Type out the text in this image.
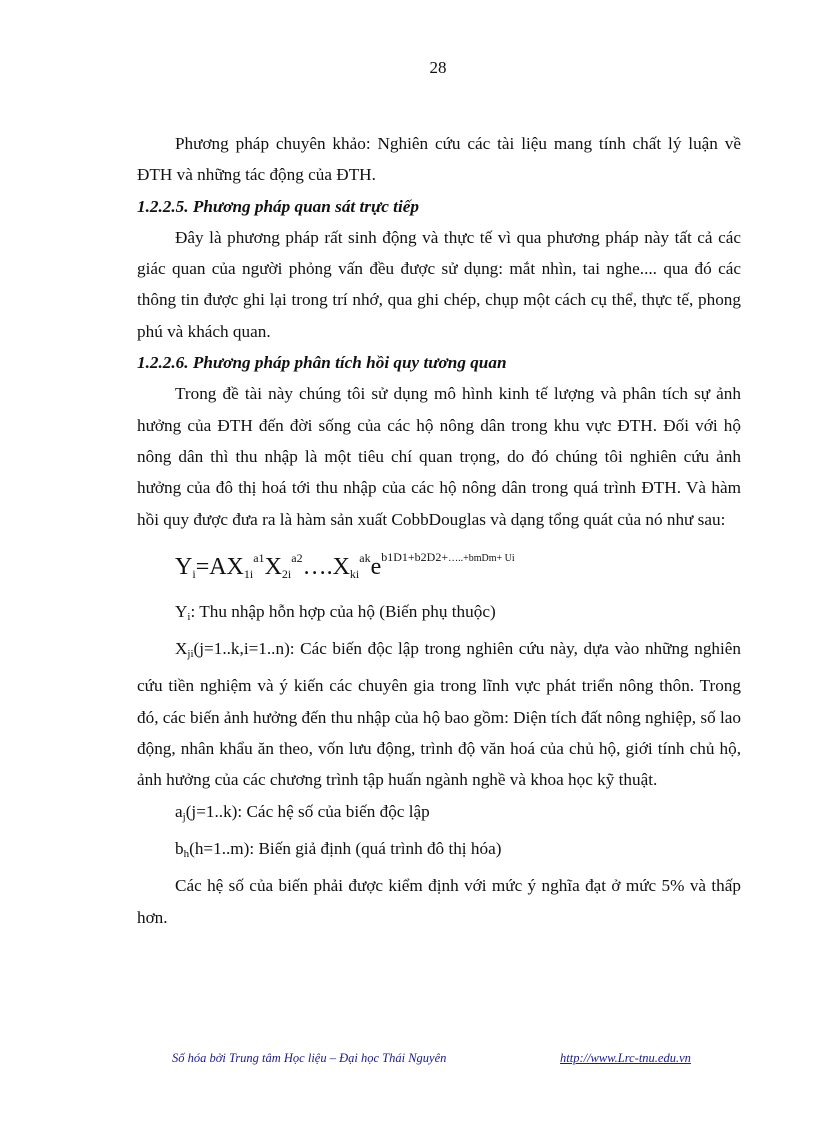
28

Phương pháp chuyên khảo: Nghiên cứu các tài liệu mang tính chất lý luận về ĐTH và những tác động của ĐTH.

1.2.2.5. Phương pháp quan sát trực tiếp

Đây là phương pháp rất sinh động và thực tế vì qua phương pháp này tất cả các giác quan của người phỏng vấn đều được sử dụng: mắt nhìn, tai nghe.... qua đó các thông tin được ghi lại trong trí nhớ, qua ghi chép, chụp một cách cụ thể, thực tế, phong phú và khách quan.

1.2.2.6. Phương pháp phân tích hồi quy tương quan

Trong đề tài này chúng tôi sử dụng mô hình kinh tế lượng và phân tích sự ảnh hưởng của ĐTH đến đời sống của các hộ nông dân trong khu vực ĐTH. Đối với hộ nông dân thì thu nhập là một tiêu chí quan trọng, do đó chúng tôi nghiên cứu ảnh hưởng của đô thị hoá tới thu nhập của các hộ nông dân trong quá trình ĐTH. Và hàm hồi quy được đưa ra là hàm sản xuất CobbDouglas và dạng tổng quát của nó như sau:

$Y_i=AX_{1i}^{a1}X_{2i}^{a2}\dots.X_{ki}^{ak}e^{b1D1+b2D2+\dots..+bmDm+ Ui}$

Yi: Thu nhập hỗn hợp của hộ (Biến phụ thuộc)

Xji(j=1..k,i=1..n): Các biến độc lập trong nghiên cứu này, dựa vào những nghiên cứu tiền nghiệm và ý kiến các chuyên gia trong lĩnh vực phát triển nông thôn. Trong đó, các biến ảnh hưởng đến thu nhập của hộ bao gồm: Diện tích đất nông nghiệp, số lao động, nhân khẩu ăn theo, vốn lưu động, trình độ văn hoá của chủ hộ, giới tính chủ hộ, ảnh hưởng của các chương trình tập huấn ngành nghề và khoa học kỹ thuật.

aj(j=1..k): Các hệ số của biến độc lập

bh(h=1..m): Biến giả định (quá trình đô thị hóa)

Các hệ số của biến phải được kiểm định với mức ý nghĩa đạt ở mức 5% và thấp hơn.

Số hóa bởi Trung tâm Học liệu – Đại học Thái Nguyên	http://www.Lrc-tnu.edu.vn
